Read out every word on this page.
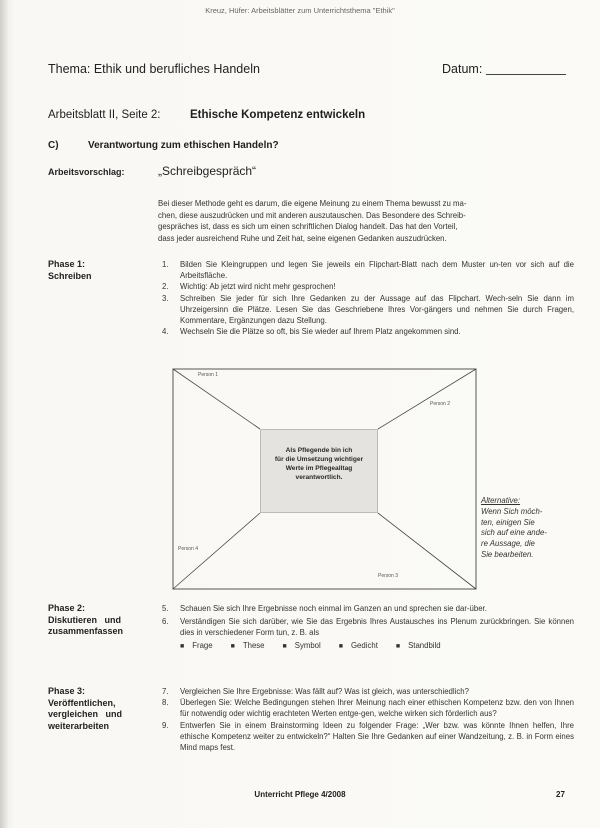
Kreuz, Hüfer: Arbeitsblätter zum Unterrichtsthema "Ethik"
Thema: Ethik und berufliches Handeln	Datum:
Arbeitsblatt II, Seite 2:	Ethische Kompetenz entwickeln
C)	Verantwortung zum ethischen Handeln?
Arbeitsvorschlag:	„Schreibgespräch“
Bei dieser Methode geht es darum, die eigene Meinung zu einem Thema bewusst zu ma-
chen, diese auszudrücken und mit anderen auszutauschen. Das Besondere des Schreib-
gespräches ist, dass es sich um einen schriftlichen Dialog handelt. Das hat den Vorteil,
dass jeder ausreichend Ruhe und Zeit hat, seine eigenen Gedanken auszudrücken.
Phase 1:
Schreiben
1. Bilden Sie Kleingruppen und legen Sie jeweils ein Flipchart-Blatt nach dem Muster un-ten vor sich auf die Arbeitsfläche.
2. Wichtig: Ab jetzt wird nicht mehr gesprochen!
3. Schreiben Sie jeder für sich Ihre Gedanken zu der Aussage auf das Flipchart. Wech-seln Sie dann im Uhrzeigersinn die Plätze. Lesen Sie das Geschriebene Ihres Vor-gängers und nehmen Sie durch Fragen, Kommentare, Ergänzungen dazu Stellung.
4. Wechseln Sie die Plätze so oft, bis Sie wieder auf Ihrem Platz angekommen sind.
Als Pflegende bin ich
für die Umsetzung wichtiger
Werte im Pflegealltag
verantwortlich.
Person 1
Person 2
Person 3
Person 4
Alternative:
Wenn Sich möch-
ten, einigen Sie
sich auf eine ande-
re Aussage, die
Sie bearbeiten.
Phase 2:
Diskutieren   und
zusammenfassen
5. Schauen Sie sich Ihre Ergebnisse noch einmal im Ganzen an und sprechen sie dar-über.
6. Verständigen Sie sich darüber, wie Sie das Ergebnis Ihres Austausches ins Plenum zurückbringen. Sie können dies in verschiedener Form tun, z. B. als
■ Frage	■ These	■ Symbol	■ Gedicht	■ Standbild
Phase 3:
Veröffentlichen,
vergleichen   und
weiterarbeiten
7. Vergleichen Sie Ihre Ergebnisse: Was fällt auf? Was ist gleich, was unterschiedlich?
8. Überlegen Sie: Welche Bedingungen stehen Ihrer Meinung nach einer ethischen Kompetenz bzw. den von Ihnen für notwendig oder wichtig erachteten Werten entge-gen, welche wirken sich förderlich aus?
9. Entwerfen Sie in einem Brainstorming Ideen zu folgender Frage: „Wer bzw. was könnte Ihnen helfen, Ihre ethische Kompetenz weiter zu entwickeln?“ Halten Sie Ihre Gedanken auf einer Wandzeitung, z. B. in Form eines Mind maps fest.
Unterricht Pflege 4/2008	27
